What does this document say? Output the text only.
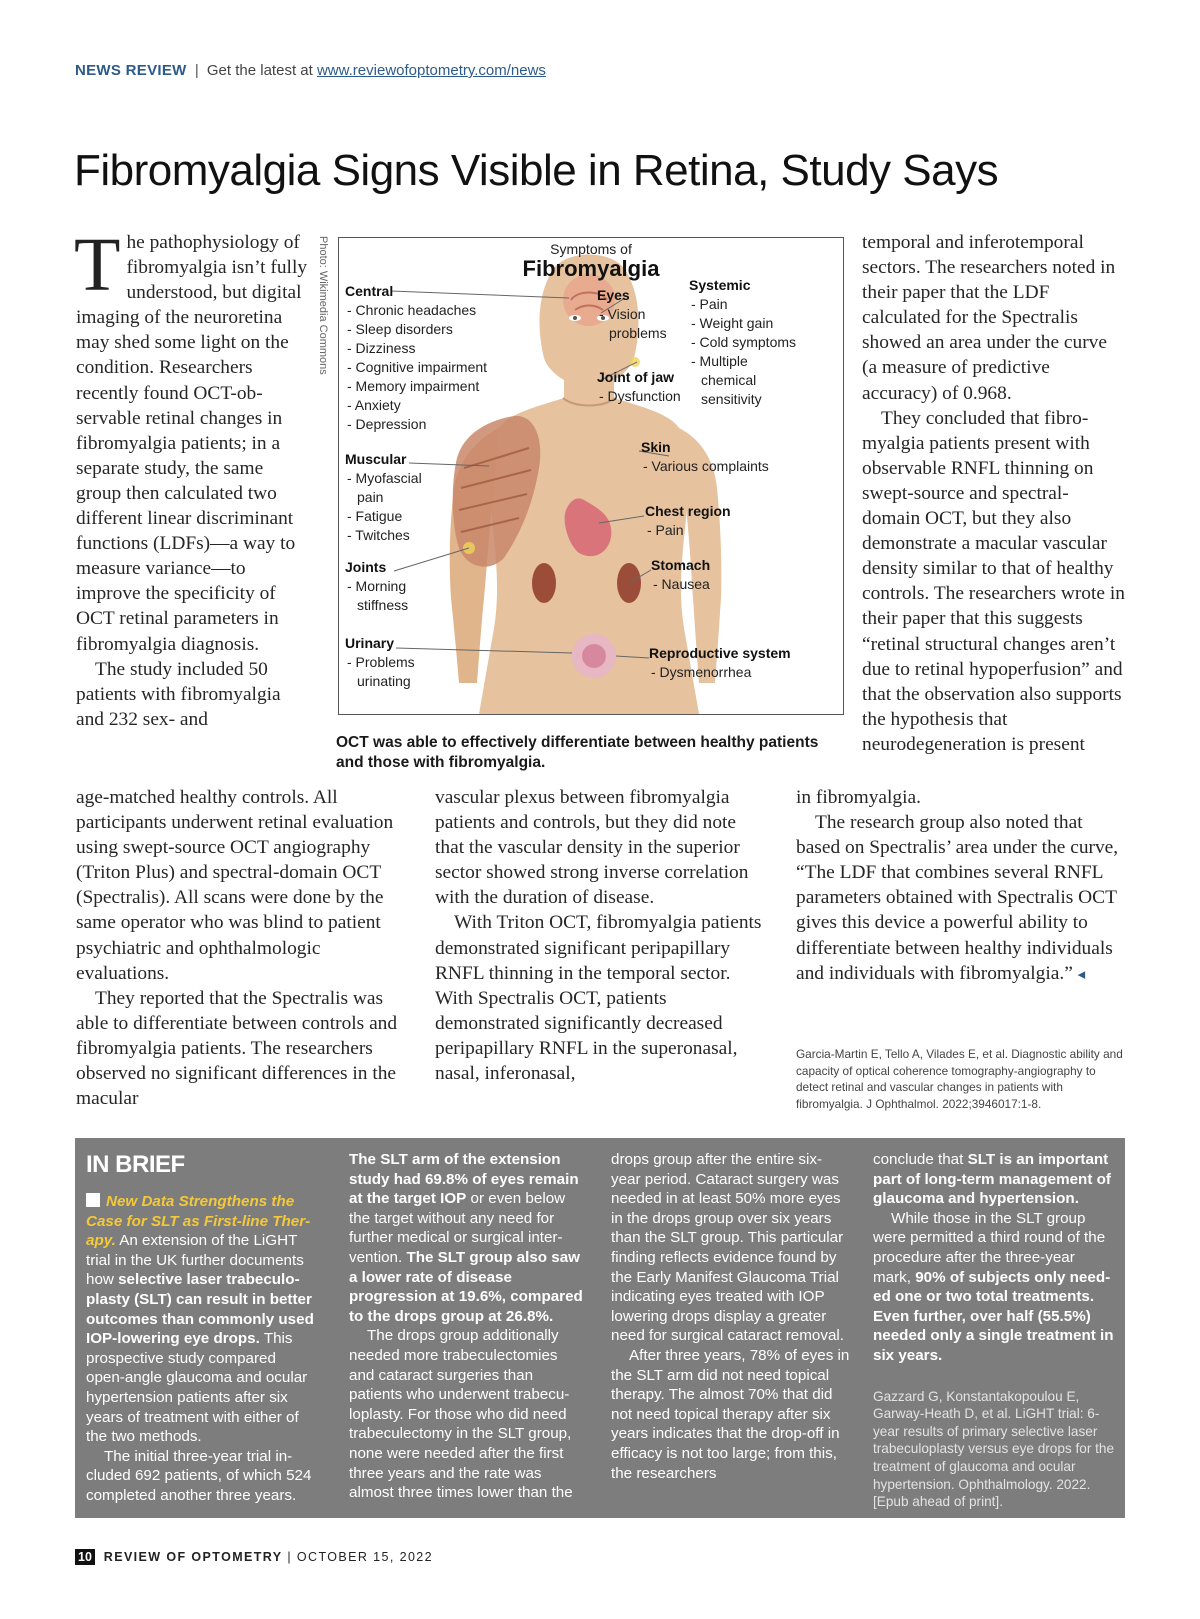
NEWS REVIEW | Get the latest at www.reviewofoptometry.com/news
Fibromyalgia Signs Visible in Retina, Study Says
T he pathophysiology of fibromyalgia isn’t fully understood, but digital imaging of the neuroretina may shed some light on the condition. Researchers recently found OCT-observable retinal changes in fibromyalgia patients; in a separate study, the same group then calculated two different linear discriminant functions (LDFs)—a way to measure variance—to improve the specificity of OCT retinal parameters in fibromyalgia diagnosis.

The study included 50 patients with fibromyalgia and 232 sex- and

Photo: Wikimedia Commons	Symptoms of
Fibromyalgia
Central
- Chronic headaches
- Sleep disorders
- Dizziness
- Cognitive impairment
- Memory impairment
- Anxiety
- Depression
Muscular
- Myofascial
pain
- Fatigue
- Twitches
Joints
- Morning
stiffness
Urinary
- Problems
urinating
Eyes
- Vision
problems
Systemic
- Pain
- Weight gain
- Cold symptoms
- Multiple
chemical
sensitivity
Joint of jaw
- Dysfunction
Skin
- Various complaints
Chest region
- Pain
Stomach
- Nausea
Reproductive system
- Dysmenorrhea
OCT was able to effectively differentiate between healthy patients and those with fibromyalgia.

temporal and inferotemporal sectors. The researchers noted in their paper that the LDF calculated for the Spectralis showed an area under the curve (a measure of predictive accuracy) of 0.968.

They concluded that fibromyalgia patients present with observable RNFL thinning on swept-source and spectral-domain OCT, but they also demonstrate a macular vascular density similar to that of healthy controls. The researchers wrote in their paper that this suggests “retinal structural changes aren’t due to retinal hypoperfusion” and that the observation also supports the hypothesis that neurodegeneration is present

age-matched healthy controls. All participants underwent retinal evaluation using swept-source OCT angiography (Triton Plus) and spectral-domain OCT (Spectralis). All scans were done by the same operator who was blind to patient psychiatric and ophthalmologic evaluations.

They reported that the Spectralis was able to differentiate between controls and fibromyalgia patients. The researchers observed no significant differences in the macular

vascular plexus between fibromyalgia patients and controls, but they did note that the vascular density in the superior sector showed strong inverse correlation with the duration of disease.

With Triton OCT, fibromyalgia patients demonstrated significant peripapillary RNFL thinning in the temporal sector. With Spectralis OCT, patients demonstrated significantly decreased peripapillary RNFL in the superonasal, nasal, inferonasal,

in fibromyalgia.

The research group also noted that based on Spectralis’ area under the curve, “The LDF that combines several RNFL parameters obtained with Spectralis OCT gives this device a powerful ability to differentiate between healthy individuals and individuals with fibromyalgia.” ◂

Garcia-Martin E, Tello A, Vilades E, et al. Diagnostic ability and capacity of optical coherence tomography-angiography to detect retinal and vascular changes in patients with fibromyalgia. J Ophthalmol. 2022;3946017:1-8.

IN BRIEF

New Data Strengthens the Case for SLT as First-line Therapy. An extension of the LiGHT trial in the UK further documents how selective laser trabeculoplasty (SLT) can result in better outcomes than commonly used IOP-lowering eye drops. This prospective study compared open-angle glaucoma and ocular hypertension patients after six years of treatment with either of the two methods.

The initial three-year trial included 692 patients, of which 524 completed another three years.

The SLT arm of the extension study had 69.8% of eyes remain at the target IOP or even below the target without any need for further medical or surgical intervention. The SLT group also saw a lower rate of disease progression at 19.6%, compared to the drops group at 26.8%.

The drops group additionally needed more trabeculectomies and cataract surgeries than patients who underwent trabeculoplasty. For those who did need trabeculectomy in the SLT group, none were needed after the first three years and the rate was almost three times lower than the

drops group after the entire six-year period. Cataract surgery was needed in at least 50% more eyes in the drops group over six years than the SLT group. This particular finding reflects evidence found by the Early Manifest Glaucoma Trial indicating eyes treated with IOP lowering drops display a greater need for surgical cataract removal.

After three years, 78% of eyes in the SLT arm did not need topical therapy. The almost 70% that did not need topical therapy after six years indicates that the drop-off in efficacy is not too large; from this, the researchers

conclude that SLT is an important part of long-term management of glaucoma and hypertension.

While those in the SLT group were permitted a third round of the procedure after the three-year mark, 90% of subjects only needed one or two total treatments. Even further, over half (55.5%) needed only a single treatment in six years.

Gazzard G, Konstantakopoulou E, Garway-Heath D, et al. LiGHT trial: 6-year results of primary selective laser trabeculoplasty versus eye drops for the treatment of glaucoma and ocular hypertension. Ophthalmology. 2022. [Epub ahead of print].

10 REVIEW OF OPTOMETRY | OCTOBER 15, 2022
